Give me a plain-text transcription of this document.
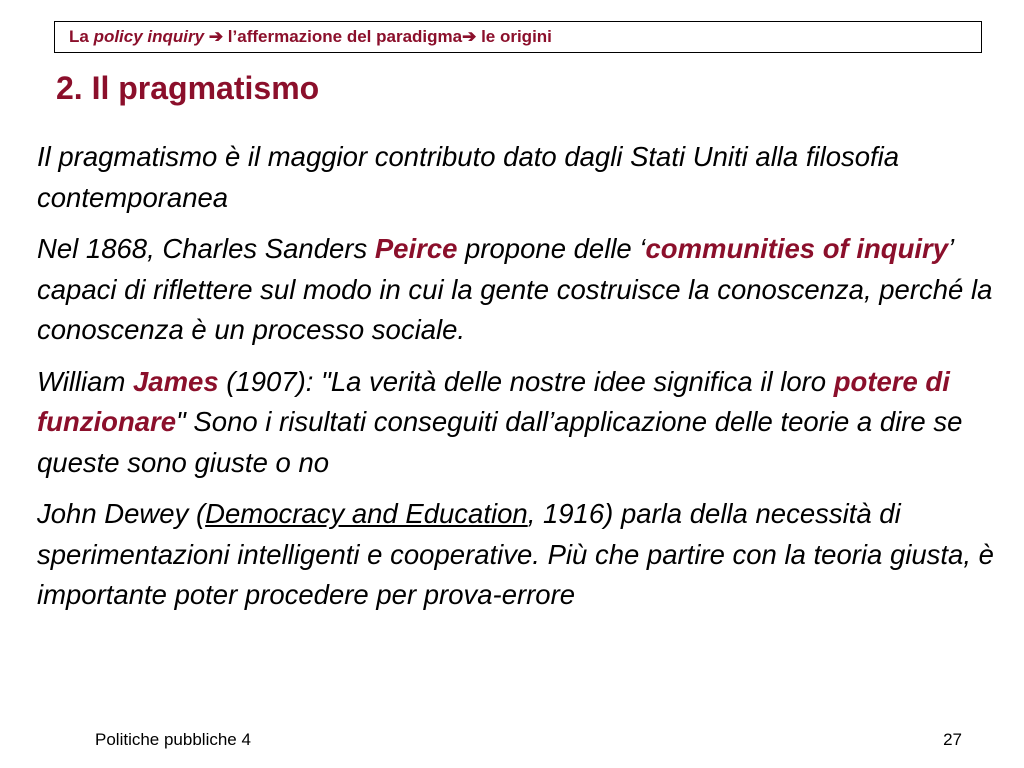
La policy inquiry ➔ l’affermazione del paradigma➔ le origini
2. Il pragmatismo

Il pragmatismo è il maggior contributo dato dagli Stati Uniti alla filosofia contemporanea

Nel 1868, Charles Sanders Peirce propone delle ‘communities of inquiry’ capaci di riflettere sul modo in cui la gente costruisce la conoscenza, perché la conoscenza è un processo sociale.

William James (1907): "La verità delle nostre idee significa il loro potere di funzionare" Sono i risultati conseguiti dall’applicazione delle teorie a dire se queste sono giuste o no

John Dewey (Democracy and Education, 1916) parla della necessità di sperimentazioni intelligenti e cooperative. Più che partire con la teoria giusta, è importante poter procedere per prova-errore

Politiche pubbliche 4	27
